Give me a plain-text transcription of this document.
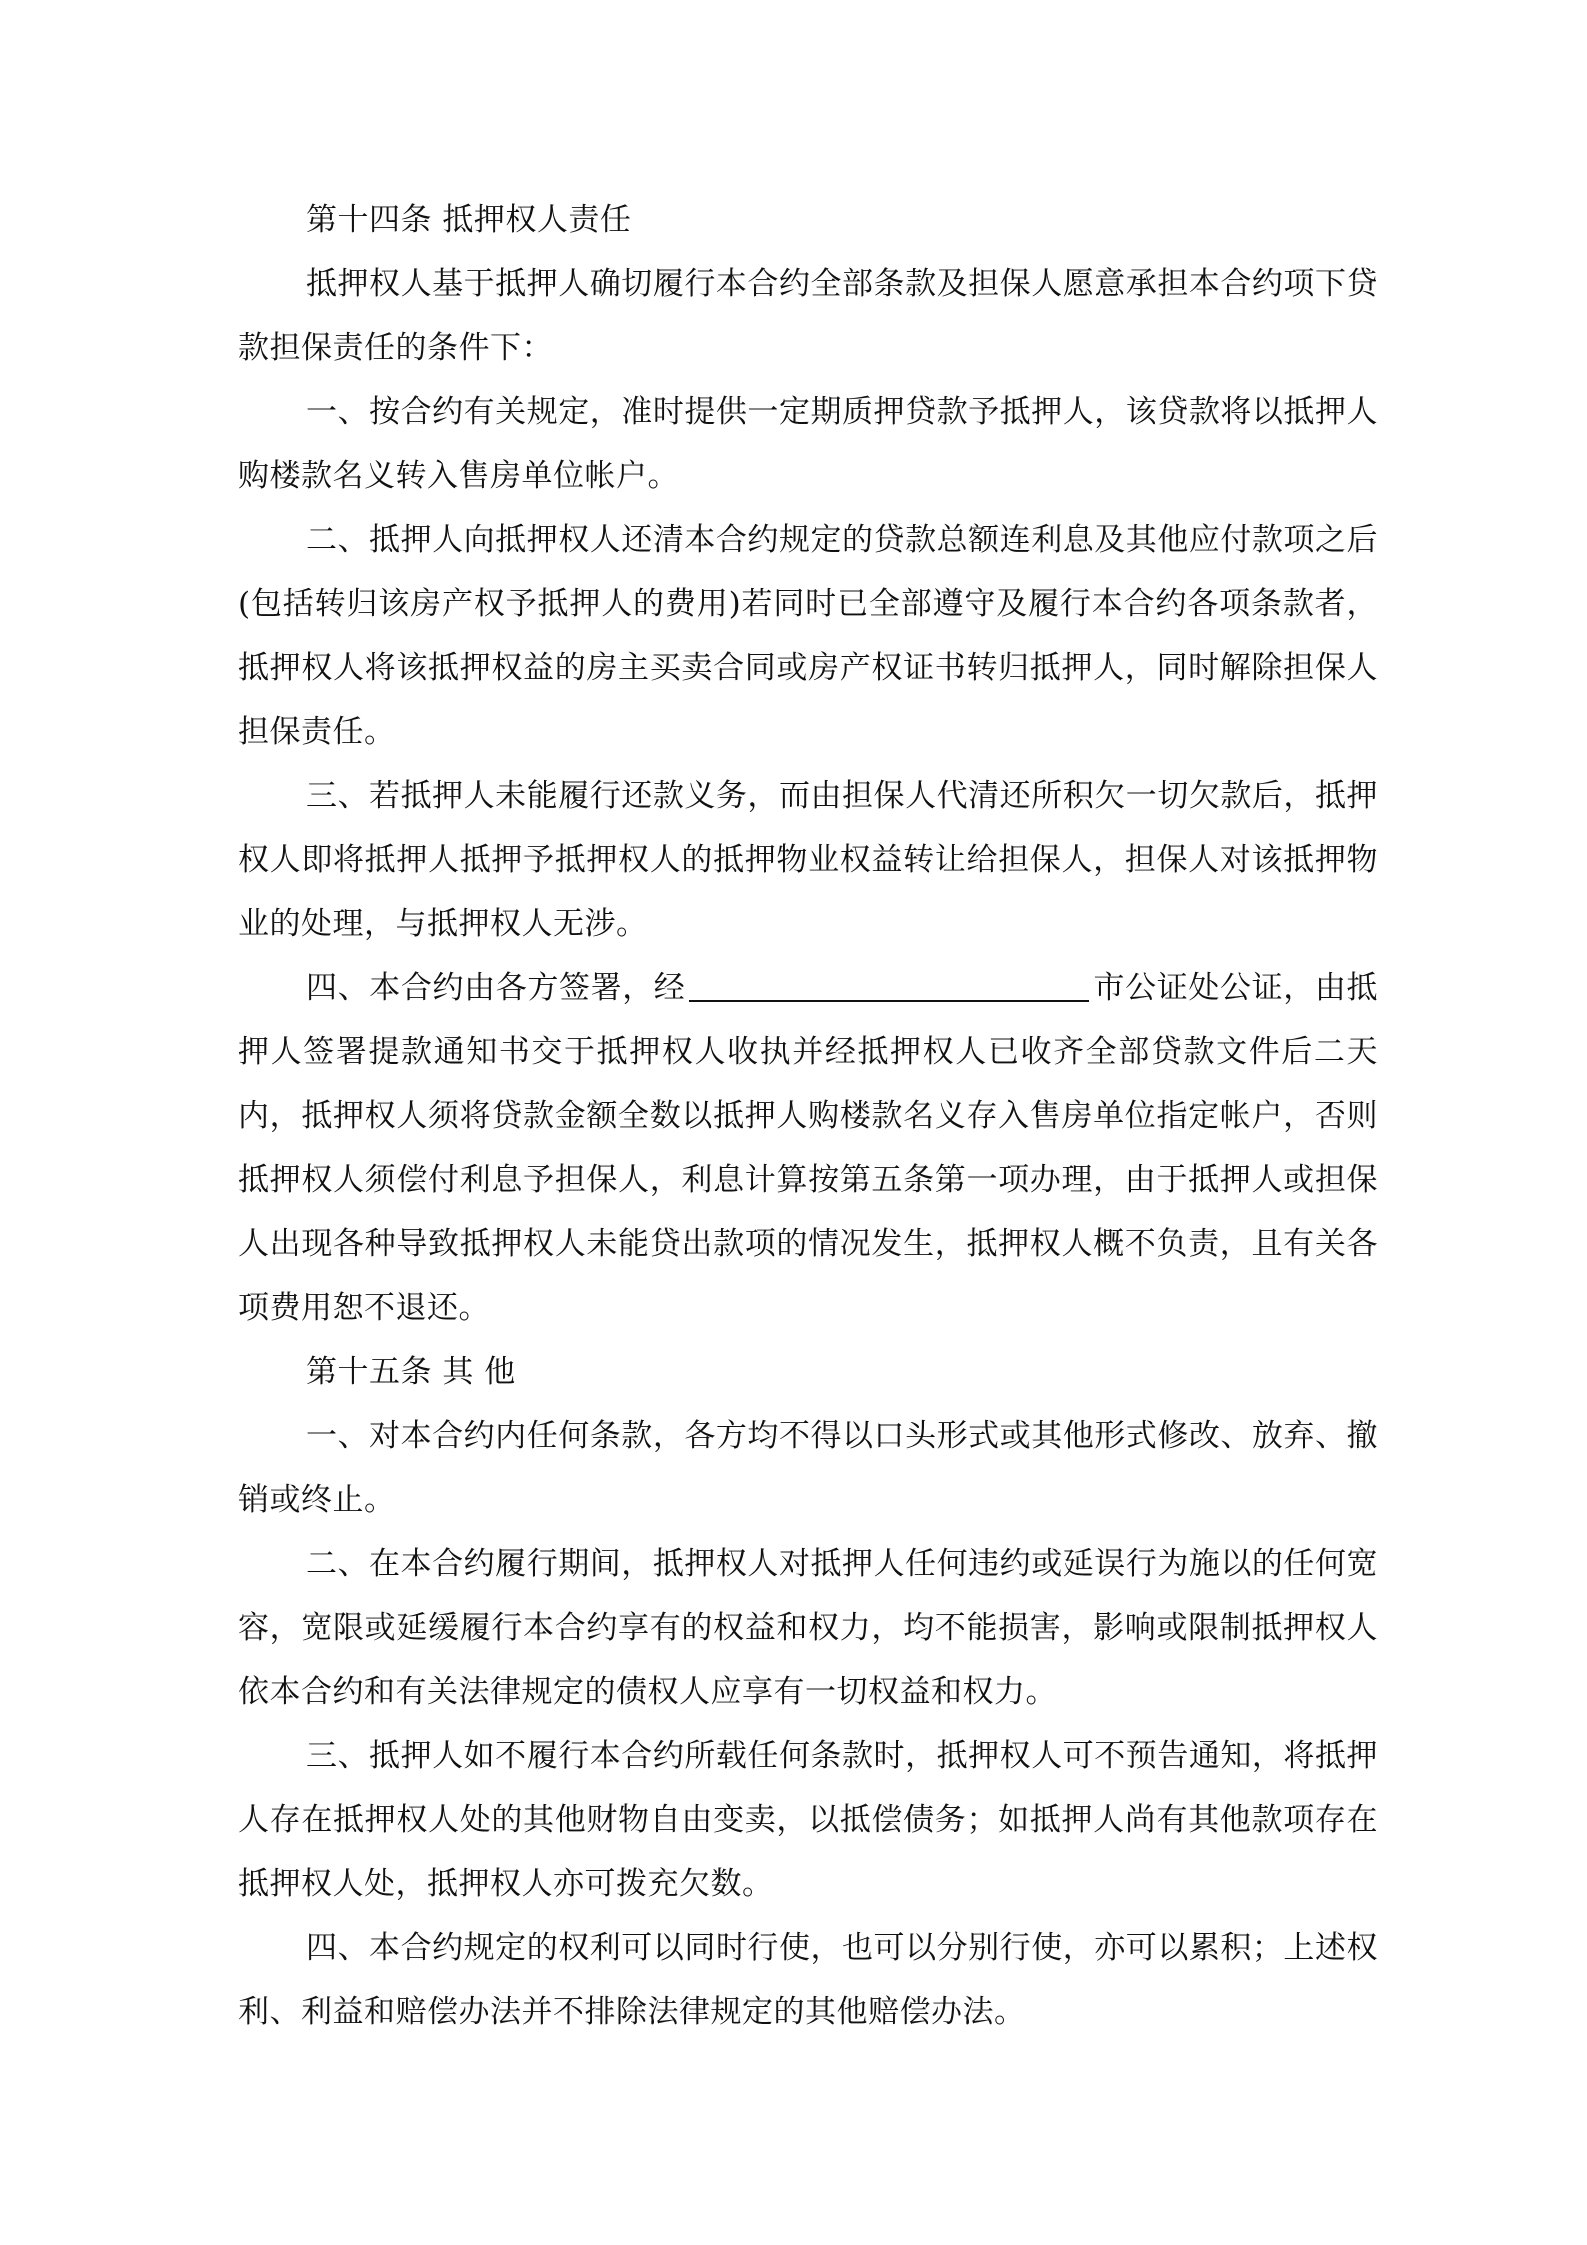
第十四条 抵押权人责任

抵押权人基于抵押人确切履行本合约全部条款及担保人愿意承担本合约项下贷款担保责任的条件下：

一、按合约有关规定，准时提供一定期质押贷款予抵押人，该贷款将以抵押人购楼款名义转入售房单位帐户。

二、抵押人向抵押权人还清本合约规定的贷款总额连利息及其他应付款项之后(包括转归该房产权予抵押人的费用)若同时已全部遵守及履行本合约各项条款者，抵押权人将该抵押权益的房主买卖合同或房产权证书转归抵押人，同时解除担保人担保责任。

三、若抵押人未能履行还款义务，而由担保人代清还所积欠一切欠款后，抵押权人即将抵押人抵押予抵押权人的抵押物业权益转让给担保人，担保人对该抵押物业的处理，与抵押权人无涉。

四、本合约由各方签署，经	市公证处公证，由抵押人签署提款通知书交于抵押权人收执并经抵押权人已收齐全部贷款文件后二天内，抵押权人须将贷款金额全数以抵押人购楼款名义存入售房单位指定帐户，否则抵押权人须偿付利息予担保人，利息计算按第五条第一项办理，由于抵押人或担保人出现各种导致抵押权人未能贷出款项的情况发生，抵押权人概不负责，且有关各项费用恕不退还。

第十五条 其 他

一、对本合约内任何条款，各方均不得以口头形式或其他形式修改、放弃、撤销或终止。

二、在本合约履行期间，抵押权人对抵押人任何违约或延误行为施以的任何宽容，宽限或延缓履行本合约享有的权益和权力，均不能损害，影响或限制抵押权人依本合约和有关法律规定的债权人应享有一切权益和权力。

三、抵押人如不履行本合约所载任何条款时，抵押权人可不预告通知，将抵押人存在抵押权人处的其他财物自由变卖，以抵偿债务；如抵押人尚有其他款项存在抵押权人处，抵押权人亦可拨充欠数。

四、本合约规定的权利可以同时行使，也可以分别行使，亦可以累积；上述权利、利益和赔偿办法并不排除法律规定的其他赔偿办法。
